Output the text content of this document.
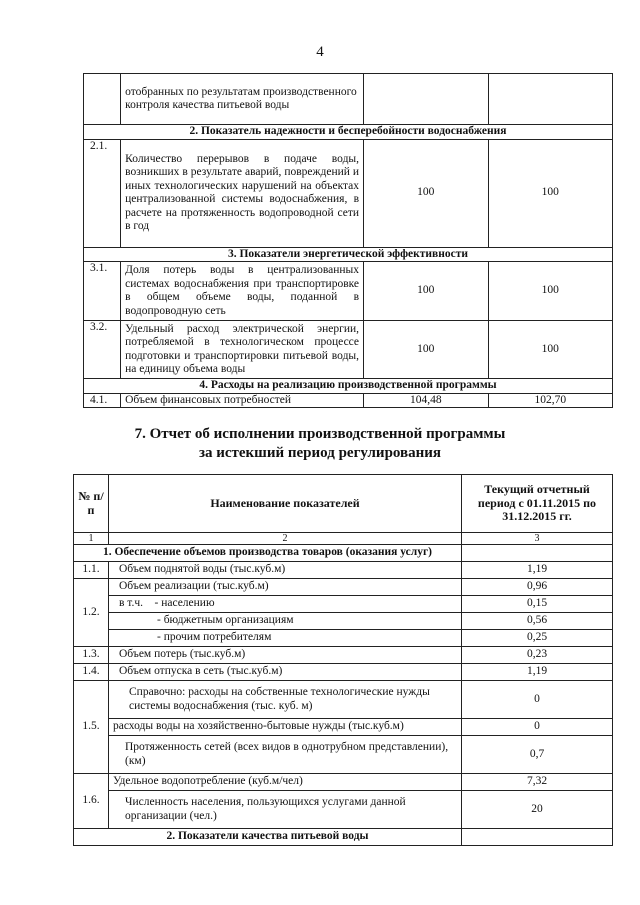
4
	отобранных по результатам производственного контроля качества питьевой воды		
2. Показатель надежности и бесперебойности водоснабжения			
2.1.	Количество перерывов в подаче воды, возникших в результате аварий, повреждений и иных технологических нарушений на объектах централизованной системы водоснабжения, в расчете на протяженность водопроводной сети в год	100	100
3. Показатели энергетической эффективности			
3.1.	Доля потерь воды в централизованных системах водоснабжения при транспортировке в общем объеме воды, поданной в водопроводную сеть	100	100
3.2.	Удельный расход электрической энергии, потребляемой в технологическом процессе подготовки и транспортировки питьевой воды, на единицу объема воды	100	100
4. Расходы на реализацию производственной программы			
4.1.	Объем финансовых потребностей	104,48	102,70
7. Отчет об исполнении производственной программы
за истекший период регулирования
№ п/п	Наименование показателей	Текущий отчетный период с 01.11.2015 по 31.12.2015 гг.
1	2	3
1. Обеспечение объемов производства товаров (оказания услуг)		
1.1.	Объем поднятой воды (тыс.куб.м)	1,19
1.2.	Объем реализации (тыс.куб.м)	0,96
	в т.ч. - населению	0,15
	- бюджетным организациям	0,56
	- прочим потребителям	0,25
1.3.	Объем потерь (тыс.куб.м)	0,23
1.4.	Объем отпуска в сеть (тыс.куб.м)	1,19
1.5.	Справочно: расходы на собственные технологические нужды системы водоснабжения (тыс. куб. м)	0
	расходы воды на хозяйственно-бытовые нужды (тыс.куб.м)	0
	Протяженность сетей (всех видов в однотрубном представлении), (км)	0,7
1.6.	Удельное водопотребление (куб.м/чел)	7,32
	Численность населения, пользующихся услугами данной организации (чел.)	20
2. Показатели качества питьевой воды		
